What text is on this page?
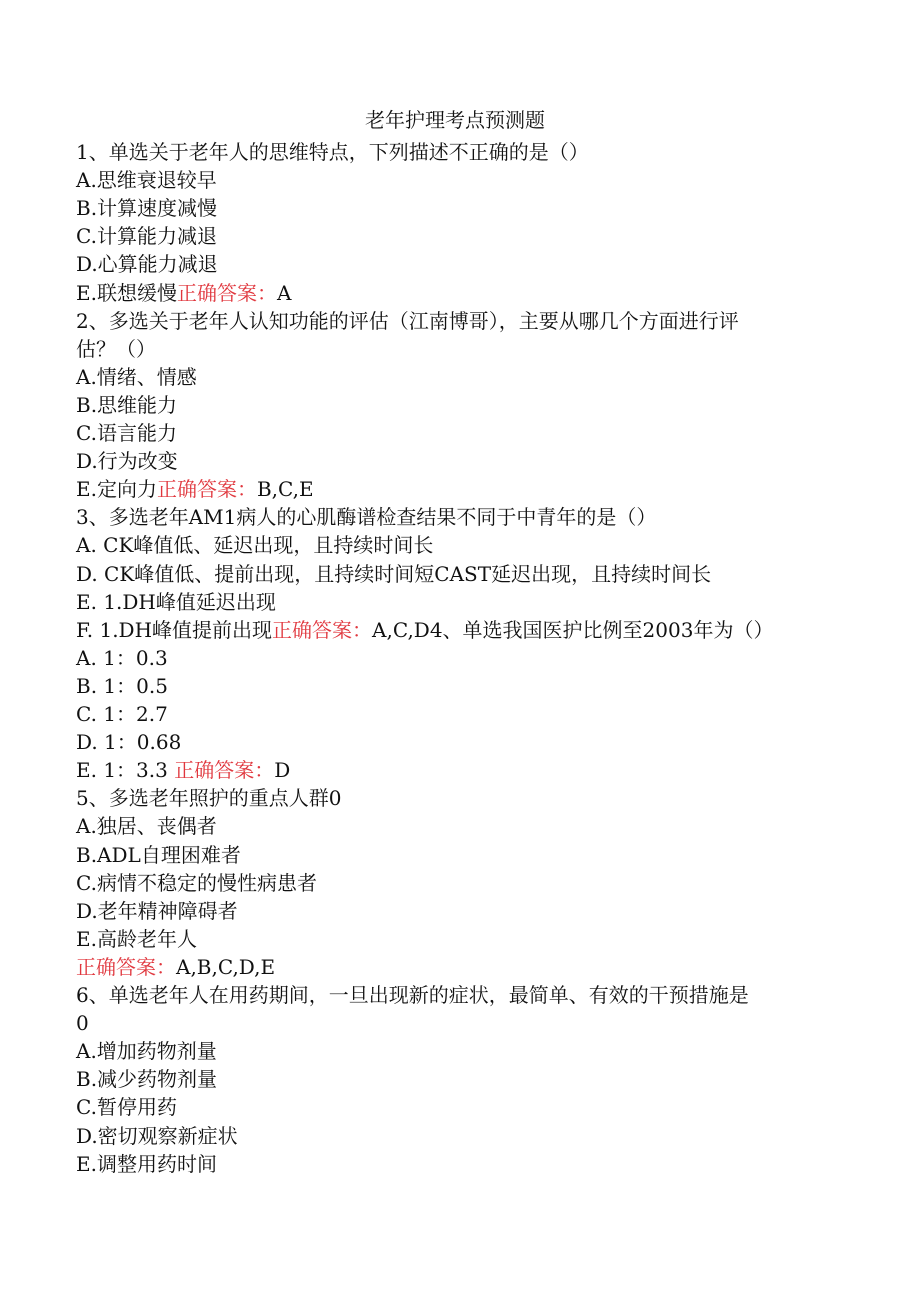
老年护理考点预测题
1、单选关于老年人的思维特点，下列描述不正确的是（）
A.思维衰退较早
B.计算速度减慢
C.计算能力减退
D.心算能力减退
E.联想缓慢正确答案：A
2、多选关于老年人认知功能的评估（江南博哥），主要从哪几个方面进行评
估？（）
A.情绪、情感
B.思维能力
C.语言能力
D.行为改变
E.定向力正确答案：B,C,E
3、多选老年AM1病人的心肌酶谱检查结果不同于中青年的是（）
A. CK峰值低、延迟出现，且持续时间长
D. CK峰值低、提前出现，且持续时间短CAST延迟出现，且持续时间长
E. 1.DH峰值延迟出现
F. 1.DH峰值提前出现正确答案：A,C,D4、单选我国医护比例至2003年为（）
A. 1：0.3
B. 1：0.5
C. 1：2.7
D. 1：0.68
E. 1：3.3 正确答案：D
5、多选老年照护的重点人群0
A.独居、丧偶者
B.ADL自理困难者
C.病情不稳定的慢性病患者
D.老年精神障碍者
E.高龄老年人
正确答案：A,B,C,D,E
6、单选老年人在用药期间，一旦出现新的症状，最简单、有效的干预措施是
0
A.增加药物剂量
B.减少药物剂量
C.暂停用药
D.密切观察新症状
E.调整用药时间
